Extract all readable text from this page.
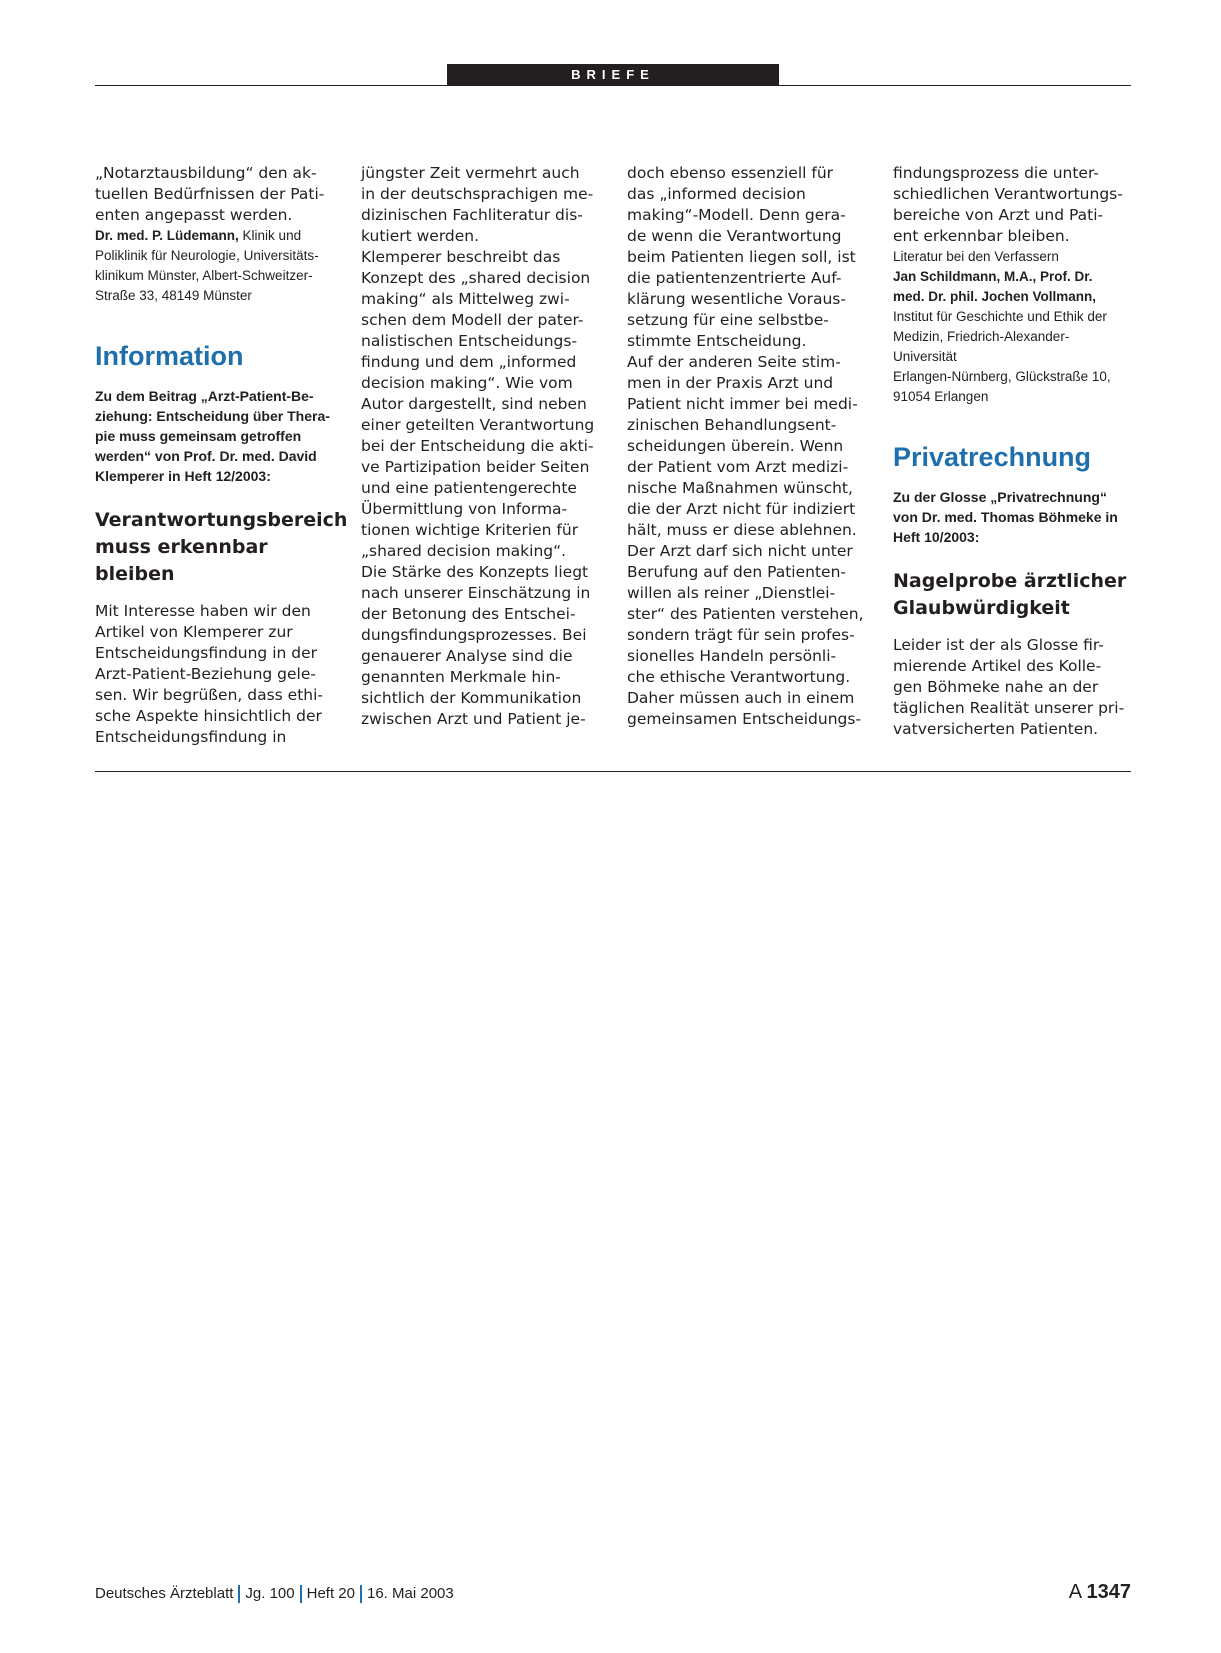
BRIEFE

„Notarztausbildung“ den ak-
tuellen Bedürfnissen der Pati-
enten angepasst werden.

Dr. med. P. Lüdemann, Klinik und
Poliklinik für Neurologie, Universitäts-
klinikum Münster, Albert-Schweitzer-
Straße 33, 48149 Münster

Information

Zu dem Beitrag „Arzt-Patient-Be-
ziehung: Entscheidung über Thera-
pie muss gemeinsam getroffen
werden“ von Prof. Dr. med. David
Klemperer in Heft 12/2003:

Verantwortungsbereich
muss erkennbar bleiben

Mit Interesse haben wir den
Artikel von Klemperer zur
Entscheidungsfindung in der
Arzt-Patient-Beziehung gele-
sen. Wir begrüßen, dass ethi-
sche Aspekte hinsichtlich der
Entscheidungsfindung in

jüngster Zeit vermehrt auch
in der deutschsprachigen me-
dizinischen Fachliteratur dis-
kutiert werden.
Klemperer beschreibt das
Konzept des „shared decision
making“ als Mittelweg zwi-
schen dem Modell der pater-
nalistischen Entscheidungs-
findung und dem „informed
decision making“. Wie vom
Autor dargestellt, sind neben
einer geteilten Verantwortung
bei der Entscheidung die akti-
ve Partizipation beider Seiten
und eine patientengerechte
Übermittlung von Informa-
tionen wichtige Kriterien für
„shared decision making“.
Die Stärke des Konzepts liegt
nach unserer Einschätzung in
der Betonung des Entschei-
dungsfindungsprozesses. Bei
genauerer Analyse sind die
genannten Merkmale hin-
sichtlich der Kommunikation
zwischen Arzt und Patient je-

doch ebenso essenziell für
das „informed decision
making“-Modell. Denn gera-
de wenn die Verantwortung
beim Patienten liegen soll, ist
die patientenzentrierte Auf-
klärung wesentliche Voraus-
setzung für eine selbstbe-
stimmte Entscheidung.
Auf der anderen Seite stim-
men in der Praxis Arzt und
Patient nicht immer bei medi-
zinischen Behandlungsent-
scheidungen überein. Wenn
der Patient vom Arzt medizi-
nische Maßnahmen wünscht,
die der Arzt nicht für indiziert
hält, muss er diese ablehnen.
Der Arzt darf sich nicht unter
Berufung auf den Patienten-
willen als reiner „Dienstlei-
ster“ des Patienten verstehen,
sondern trägt für sein profes-
sionelles Handeln persönli-
che ethische Verantwortung.
Daher müssen auch in einem
gemeinsamen Entscheidungs-

findungsprozess die unter-
schiedlichen Verantwortungs-
bereiche von Arzt und Pati-
ent erkennbar bleiben.

Literatur bei den Verfassern

Jan Schildmann, M.A., Prof. Dr.
med. Dr. phil. Jochen Vollmann,

Institut für Geschichte und Ethik der
Medizin, Friedrich-Alexander-Universität
Erlangen-Nürnberg, Glückstraße 10,
91054 Erlangen

Privatrechnung

Zu der Glosse „Privatrechnung“
von Dr. med. Thomas Böhmeke in
Heft 10/2003:

Nagelprobe ärztlicher
Glaubwürdigkeit

Leider ist der als Glosse fir-
mierende Artikel des Kolle-
gen Böhmeke nahe an der
täglichen Realität unserer pri-
vatversicherten Patienten.

Deutsches Ärzteblatt Jg. 100 Heft 20 16. Mai 2003	A 1347
